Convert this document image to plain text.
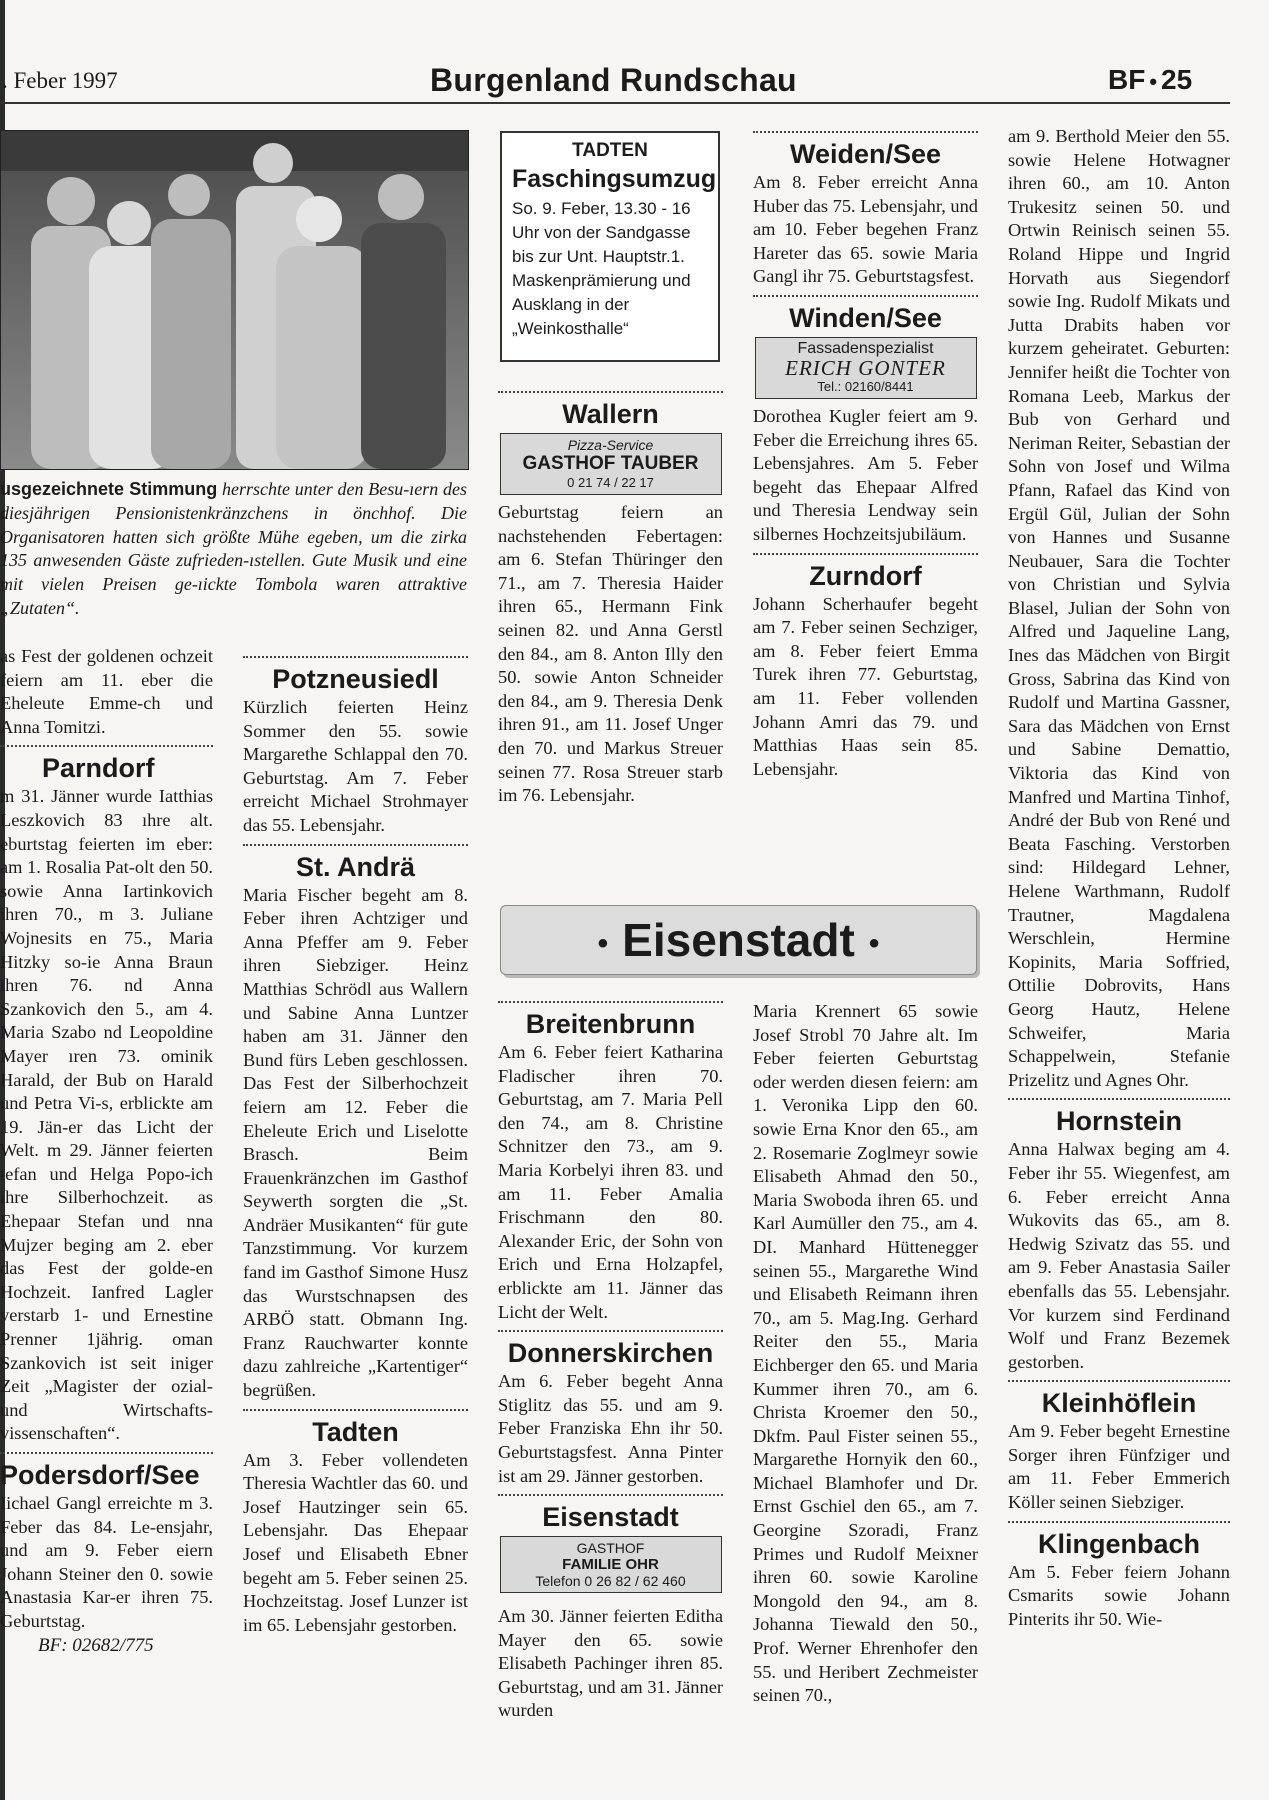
. Feber 1997	Burgenland Rundschau	BF • 25
usgezeichnete Stimmung herrschte unter den Besu-ıern des diesjährigen Pensionistenkränzchens in önchhof. Die Organisatoren hatten sich größte Mühe egeben, um die zirka 135 anwesenden Gäste zufrieden-ıstellen. Gute Musik und eine mit vielen Preisen ge-ıickte Tombola waren attraktive „Zutaten“.

as Fest der goldenen ochzeit feiern am 11. eber die Eheleute Emme-ch und Anna Tomitzi.

Parndorf

m 31. Jänner wurde Iatthias Leszkovich 83 ıhre alt. eburtstag feierten im eber: am 1. Rosalia Pat-olt den 50. sowie Anna Iartinkovich ihren 70., m 3. Juliane Wojnesits en 75., Maria Hitzky so-ie Anna Braun ihren 76. nd Anna Szankovich den 5., am 4. Maria Szabo nd Leopoldine Mayer ıren 73. ominik Harald, der Bub on Harald und Petra Vi-s, erblickte am 19. Jän-er das Licht der Welt. m 29. Jänner feierten tefan und Helga Popo-ich ihre Silberhochzeit. as Ehepaar Stefan und nna Mujzer beging am 2. eber das Fest der golde-en Hochzeit. Ianfred Lagler verstarb 1- und Ernestine Prenner 1jährig. oman Szankovich ist seit iniger Zeit „Magister der ozial- und Wirtschafts-vissenschaften“.

Podersdorf/See

Iichael Gangl erreichte m 3. Feber das 84. Le-ensjahr, und am 9. Feber eiern Johann Steiner den 0. sowie Anastasia Kar-er ihren 75. Geburtstag.

BF: 02682/775

Potzneusiedl

Kürzlich feierten Heinz Sommer den 55. sowie Margarethe Schlappal den 70. Geburtstag. Am 7. Feber erreicht Michael Strohmayer das 55. Lebensjahr.

St. Andrä

Maria Fischer begeht am 8. Feber ihren Achtziger und Anna Pfeffer am 9. Feber ihren Siebziger. Heinz Matthias Schrödl aus Wallern und Sabine Anna Luntzer haben am 31. Jänner den Bund fürs Leben geschlossen. Das Fest der Silberhochzeit feiern am 12. Feber die Eheleute Erich und Liselotte Brasch. Beim Frauenkränzchen im Gasthof Seywerth sorgten die „St. Andräer Musikanten“ für gute Tanzstimmung. Vor kurzem fand im Gasthof Simone Husz das Wurstschnapsen des ARBÖ statt. Obmann Ing. Franz Rauchwarter konnte dazu zahlreiche „Kartentiger“ begrüßen.

Tadten

Am 3. Feber vollendeten Theresia Wachtler das 60. und Josef Hautzinger sein 65. Lebensjahr. Das Ehepaar Josef und Elisabeth Ebner begeht am 5. Feber seinen 25. Hochzeitstag. Josef Lunzer ist im 65. Lebensjahr gestorben.

TADTEN
Faschingsumzug
So. 9. Feber, 13.30 - 16 Uhr von der Sandgasse bis zur Unt. Hauptstr.1. Maskenprämierung und Ausklang in der „Weinkosthalle“

Wallern

Pizza-Service
GASTHOF TAUBER
0 21 74 / 22 17

Geburtstag feiern an nachstehenden Febertagen: am 6. Stefan Thüringer den 71., am 7. Theresia Haider ihren 65., Hermann Fink seinen 82. und Anna Gerstl den 84., am 8. Anton Illy den 50. sowie Anton Schneider den 84., am 9. Theresia Denk ihren 91., am 11. Josef Unger den 70. und Markus Streuer seinen 77. Rosa Streuer starb im 76. Lebensjahr.

Weiden/See

Am 8. Feber erreicht Anna Huber das 75. Lebensjahr, und am 10. Feber begehen Franz Hareter das 65. sowie Maria Gangl ihr 75. Geburtstagsfest.

Winden/See

Fassadenspezialist
ERICH GONTER
Tel.: 02160/8441

Dorothea Kugler feiert am 9. Feber die Erreichung ihres 65. Lebensjahres. Am 5. Feber begeht das Ehepaar Alfred und Theresia Lendway sein silbernes Hochzeitsjubiläum.

Zurndorf

Johann Scherhaufer begeht am 7. Feber seinen Sechziger, am 8. Feber feiert Emma Turek ihren 77. Geburtstag, am 11. Feber vollenden Johann Amri das 79. und Matthias Haas sein 85. Lebensjahr.

• Eisenstadt •

Breitenbrunn

Am 6. Feber feiert Katharina Fladischer ihren 70. Geburtstag, am 7. Maria Pell den 74., am 8. Christine Schnitzer den 73., am 9. Maria Korbelyi ihren 83. und am 11. Feber Amalia Frischmann den 80. Alexander Eric, der Sohn von Erich und Erna Holzapfel, erblickte am 11. Jänner das Licht der Welt.

Donnerskirchen

Am 6. Feber begeht Anna Stiglitz das 55. und am 9. Feber Franziska Ehn ihr 50. Geburtstagsfest. Anna Pinter ist am 29. Jänner gestorben.

Eisenstadt

GASTHOF
FAMILIE OHR
Telefon 0 26 82 / 62 460

Am 30. Jänner feierten Editha Mayer den 65. sowie Elisabeth Pachinger ihren 85. Geburtstag, und am 31. Jänner wurden

Maria Krennert 65 sowie Josef Strobl 70 Jahre alt. Im Feber feierten Geburtstag oder werden diesen feiern: am 1. Veronika Lipp den 60. sowie Erna Knor den 65., am 2. Rosemarie Zoglmeyr sowie Elisabeth Ahmad den 50., Maria Swoboda ihren 65. und Karl Aumüller den 75., am 4. DI. Manhard Hüttenegger seinen 55., Margarethe Wind und Elisabeth Reimann ihren 70., am 5. Mag.Ing. Gerhard Reiter den 55., Maria Eichberger den 65. und Maria Kummer ihren 70., am 6. Christa Kroemer den 50., Dkfm. Paul Fister seinen 55., Margarethe Hornyik den 60., Michael Blamhofer und Dr. Ernst Gschiel den 65., am 7. Georgine Szoradi, Franz Primes und Rudolf Meixner ihren 60. sowie Karoline Mongold den 94., am 8. Johanna Tiewald den 50., Prof. Werner Ehrenhofer den 55. und Heribert Zechmeister seinen 70.,

am 9. Berthold Meier den 55. sowie Helene Hotwagner ihren 60., am 10. Anton Trukesitz seinen 50. und Ortwin Reinisch seinen 55. Roland Hippe und Ingrid Horvath aus Siegendorf sowie Ing. Rudolf Mikats und Jutta Drabits haben vor kurzem geheiratet. Geburten: Jennifer heißt die Tochter von Romana Leeb, Markus der Bub von Gerhard und Neriman Reiter, Sebastian der Sohn von Josef und Wilma Pfann, Rafael das Kind von Ergül Gül, Julian der Sohn von Hannes und Susanne Neubauer, Sara die Tochter von Christian und Sylvia Blasel, Julian der Sohn von Alfred und Jaqueline Lang, Ines das Mädchen von Birgit Gross, Sabrina das Kind von Rudolf und Martina Gassner, Sara das Mädchen von Ernst und Sabine Demattio, Viktoria das Kind von Manfred und Martina Tinhof, André der Bub von René und Beata Fasching. Verstorben sind: Hildegard Lehner, Helene Warthmann, Rudolf Trautner, Magdalena Werschlein, Hermine Kopinits, Maria Soffried, Ottilie Dobrovits, Hans Georg Hautz, Helene Schweifer, Maria Schappelwein, Stefanie Prizelitz und Agnes Ohr.

Hornstein

Anna Halwax beging am 4. Feber ihr 55. Wiegenfest, am 6. Feber erreicht Anna Wukovits das 65., am 8. Hedwig Szivatz das 55. und am 9. Feber Anastasia Sailer ebenfalls das 55. Lebensjahr. Vor kurzem sind Ferdinand Wolf und Franz Bezemek gestorben.

Kleinhöflein

Am 9. Feber begeht Ernestine Sorger ihren Fünfziger und am 11. Feber Emmerich Köller seinen Siebziger.

Klingenbach

Am 5. Feber feiern Johann Csmarits sowie Johann Pinterits ihr 50. Wie-
